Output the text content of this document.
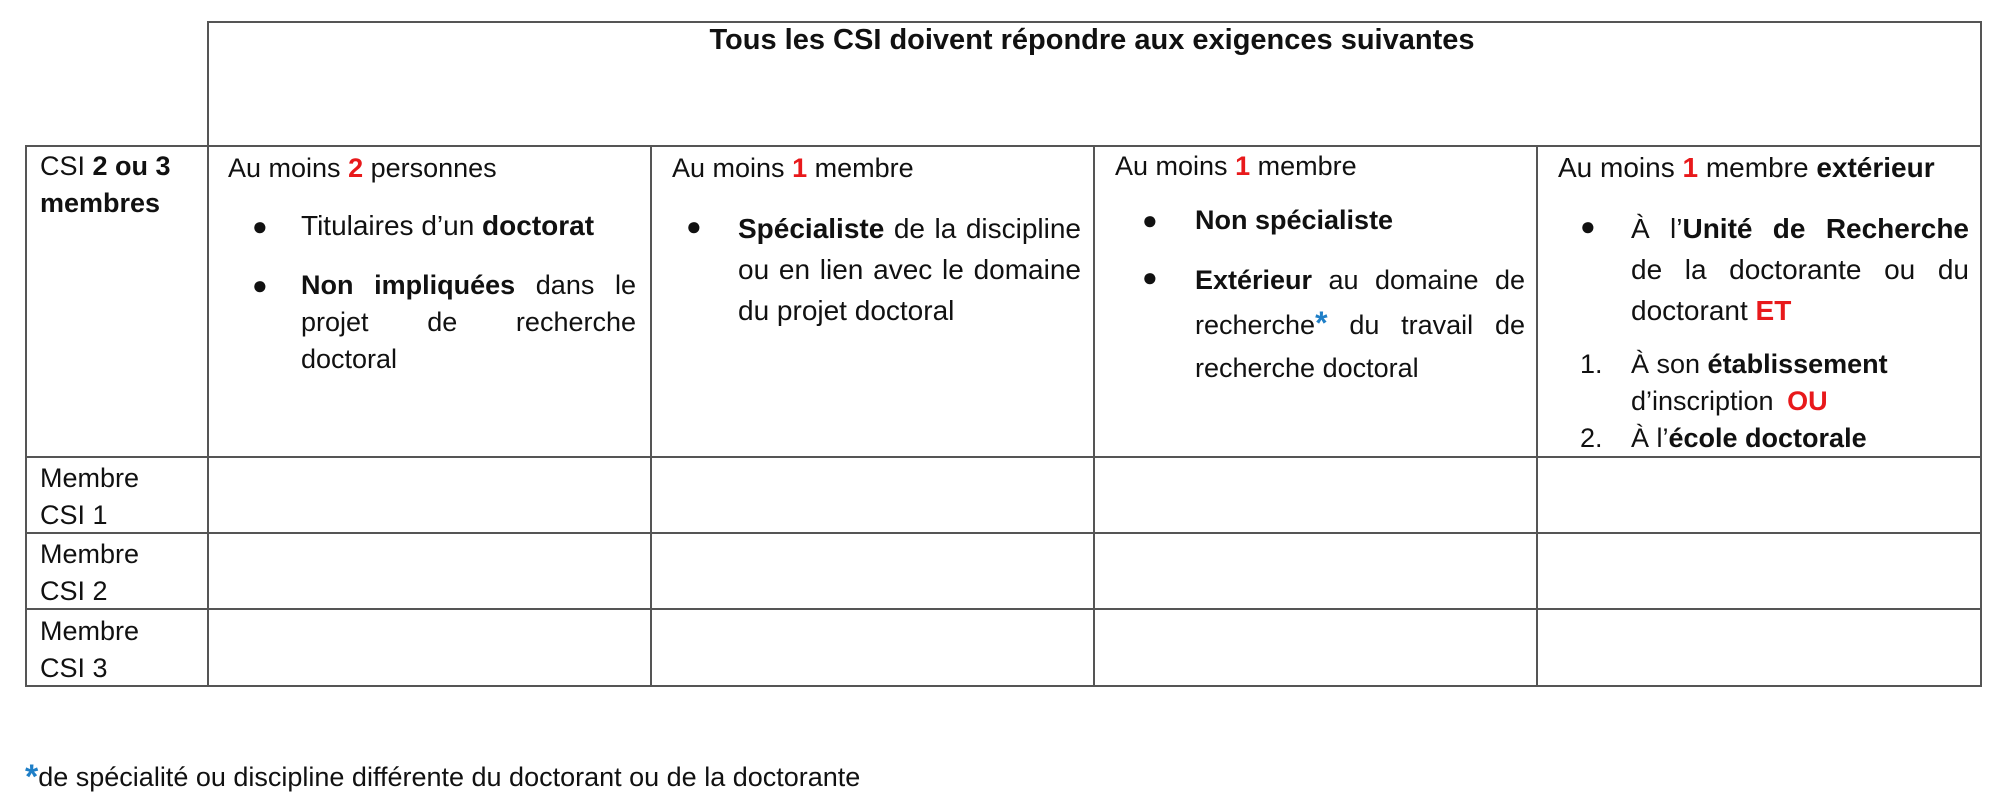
Tous les CSI doivent répondre aux exigences suivantes
CSI 2 ou 3
membres
Au moins 2 personnes
● Titulaires d’un doctorat
● Non impliquées dans le projet de recherche doctoral
Au moins 1 membre
● Spécialiste de la discipline ou en lien avec le domaine du projet doctoral
Au moins 1 membre
● Non spécialiste
● Extérieur au domaine de recherche* du travail de recherche doctoral
Au moins 1 membre extérieur
● À l’Unité de Recherche de la doctorante ou du doctorant ET
1. À son établissement d’inscription OU
2. À l’école doctorale
Membre CSI 1
Membre CSI 2
Membre CSI 3
*de spécialité ou discipline différente du doctorant ou de la doctorante
